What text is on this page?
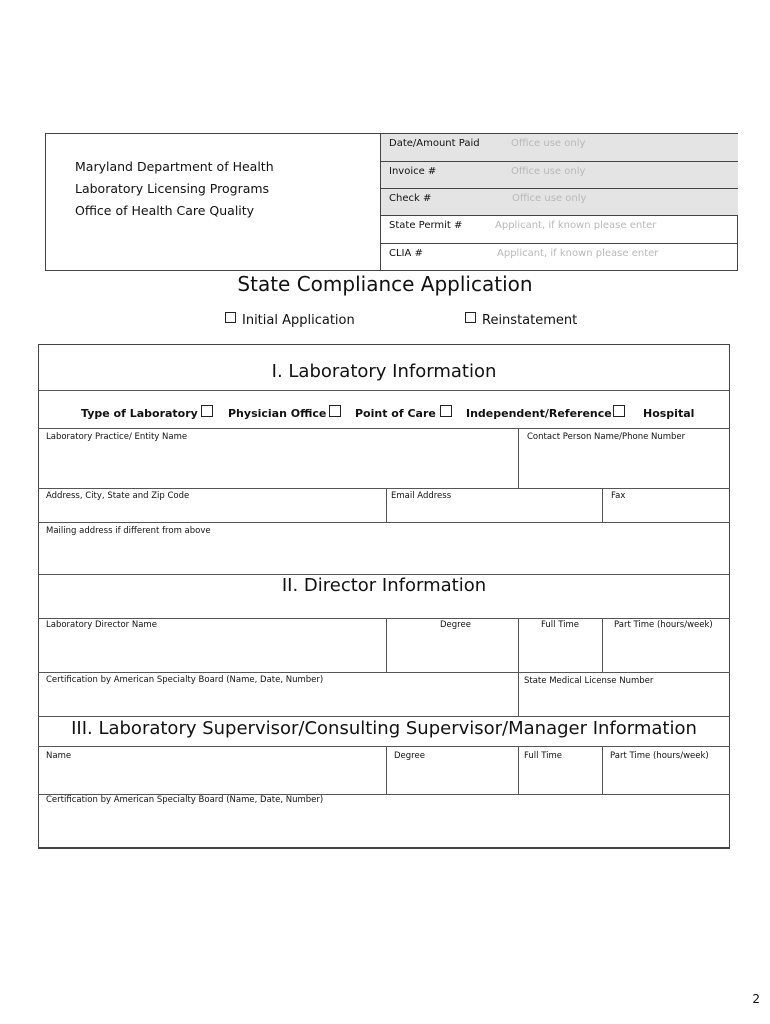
Maryland Department of Health
Laboratory Licensing Programs
Office of Health Care Quality
Date/Amount Paid	Office use only
Invoice #	Office use only
Check #	Office use only
State Permit #	Applicant, if known please enter
CLIA #	Applicant, if known please enter
State Compliance Application
Initial Application	Reinstatement
I. Laboratory Information
Type of Laboratory	Physician Office	Point of Care	Independent/Reference	Hospital
Laboratory Practice/ Entity Name	Contact Person Name/Phone Number
Address, City, State and Zip Code	Email Address	Fax
Mailing address if different from above
II. Director Information
Laboratory Director Name	Degree	Full Time	Part Time (hours/week)
Certification by American Specialty Board (Name, Date, Number)	State Medical License Number
III. Laboratory Supervisor/Consulting Supervisor/Manager Information
Name	Degree	Full Time	Part Time (hours/week)
Certification by American Specialty Board (Name, Date, Number)
2
